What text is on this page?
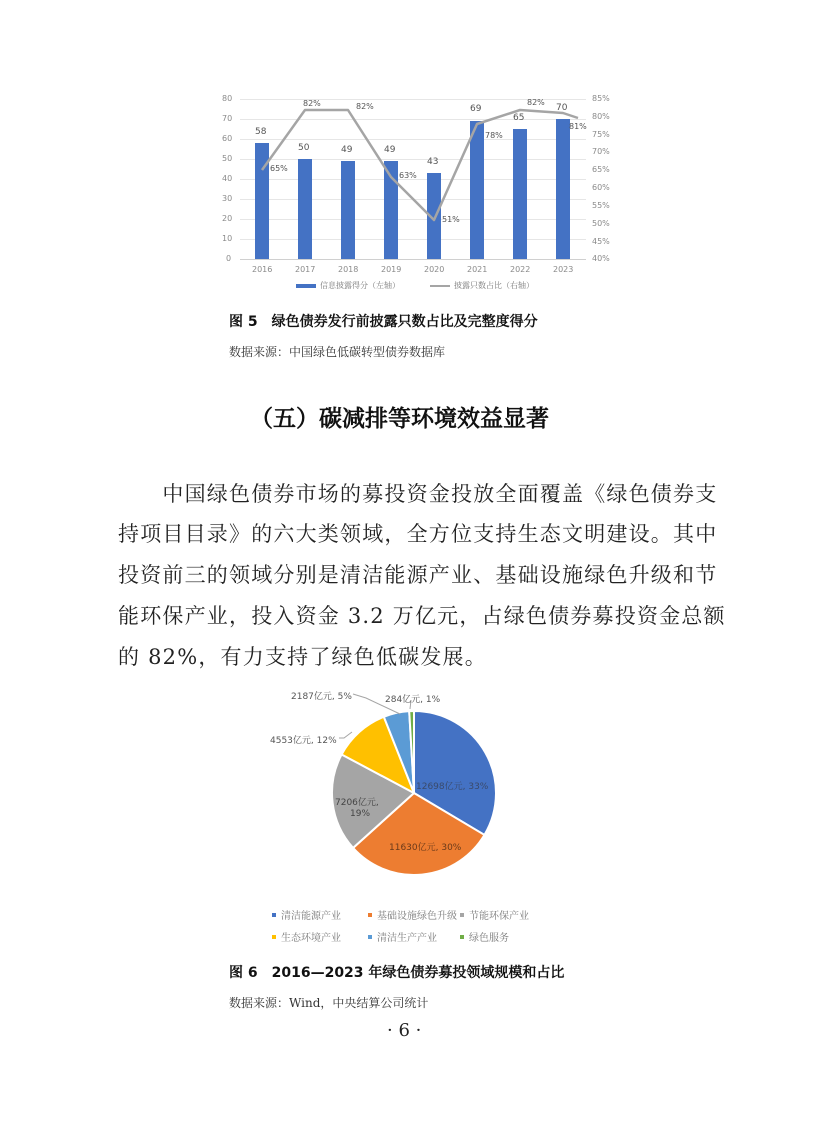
80
70
60
50
40
30
20
10
0
85%
80%
75%
70%
65%
60%
55%
50%
45%
40%
58
50	49	49
43
69
65
70
65%
82%	82%
63%
51%
78%
82%
81%
2016	2017	2018	2019	2020	2021	2022	2023
信息披露得分（左轴）	披露只数占比（右轴）
图 5　绿色债券发行前披露只数占比及完整度得分
数据来源：中国绿色低碳转型债券数据库
（五）碳减排等环境效益显著
　　中国绿色债券市场的募投资金投放全面覆盖《绿色债券支
持项目目录》的六大类领域，全方位支持生态文明建设。其中
投资前三的领域分别是清洁能源产业、基础设施绿色升级和节
能环保产业，投入资金 3.2 万亿元，占绿色债券募投资金总额
的 82%，有力支持了绿色低碳发展。
12698亿元, 33%
11630亿元, 30%
7206亿元,
19%
4553亿元, 12%
2187亿元, 5%	284亿元, 1%
清洁能源产业	基础设施绿色升级 节能环保产业
生态环境产业	清洁生产产业	绿色服务
图 6　2016—2023 年绿色债券募投领域规模和占比
数据来源：Wind，中央结算公司统计
· 6 ·
